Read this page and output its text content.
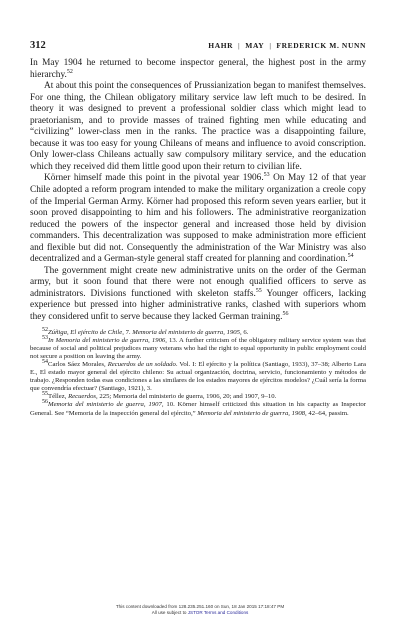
312	HAHR | MAY | FREDERICK M. NUNN

In May 1904 he returned to become inspector general, the highest post in the army hierarchy.$^{52}$

At about this point the consequences of Prussianization began to manifest themselves. For one thing, the Chilean obligatory military service law left much to be desired. In theory it was designed to prevent a professional soldier class which might lead to praetorianism, and to provide masses of trained fighting men while educating and “civilizing” lower-class men in the ranks. The practice was a disappointing failure, because it was too easy for young Chileans of means and influence to avoid conscription. Only lower-class Chileans actually saw compulsory military service, and the education which they received did them little good upon their return to civilian life.

Körner himself made this point in the pivotal year 1906.53 On May 12 of that year Chile adopted a reform program intended to make the military organization a creole copy of the Imperial German Army. Körner had proposed this reform seven years earlier, but it soon proved disappointing to him and his followers. The administrative reorganization reduced the powers of the inspector general and increased those held by division commanders. This decentralization was supposed to make administration more efficient and flexible but did not. Consequently the administration of the War Ministry was also decentralized and a German-style general staff created for planning and coordination.$^{54}$

The government might create new administrative units on the order of the German army, but it soon found that there were not enough qualified officers to serve as administrators. Divisions functioned with skeleton staffs.$^{55}$ Younger officers, lacking experience but pressed into higher administrative ranks, clashed with superiors whom they considered unfit to serve because they lacked German training.$^{56}$

$^{52}$Zúñiga, El ejército de Chile, 7. Memoria del ministerio de guerra, 1905, 6.

$^{53}$In Memoria del ministerio de guerra, 1906, 13. A further criticism of the obligatory military service system was that because of social and political prejudices many veterans who had the right to equal opportunity in public employment could not secure a position on leaving the army.

$^{54}$Carlos Sáez Morales, Recuerdos de un soldado. Vol. I: El ejército y la política (Santiago, 1933), 37–38; Alberto Lara E., El estado mayor general del ejército chileno: Su actual organización, doctrina, servicio, funcionamiento y métodos de trabajo. ¿Responden todas esas condiciones a las similares de los estados mayores de ejércitos modelos? ¿Cuál sería la forma que convendría efectuar? (Santiago, 1921), 3.

$^{55}$Téllez, Recuerdos, 225; Memoria del ministerio de guerra, 1906, 20; and 1907, 9–10.

$^{56}$Memoria del ministerio de guerra, 1907, 10. Körner himself criticized this situation in his capacity as Inspector General. See “Memoria de la inspección general del ejército,” Memoria del ministerio de guerra, 1908, 42–64, passim.

This content downloaded from 128.235.251.160 on Sun, 18 Jan 2015 17:18:47 PM
All use subject to JSTOR Terms and Conditions
